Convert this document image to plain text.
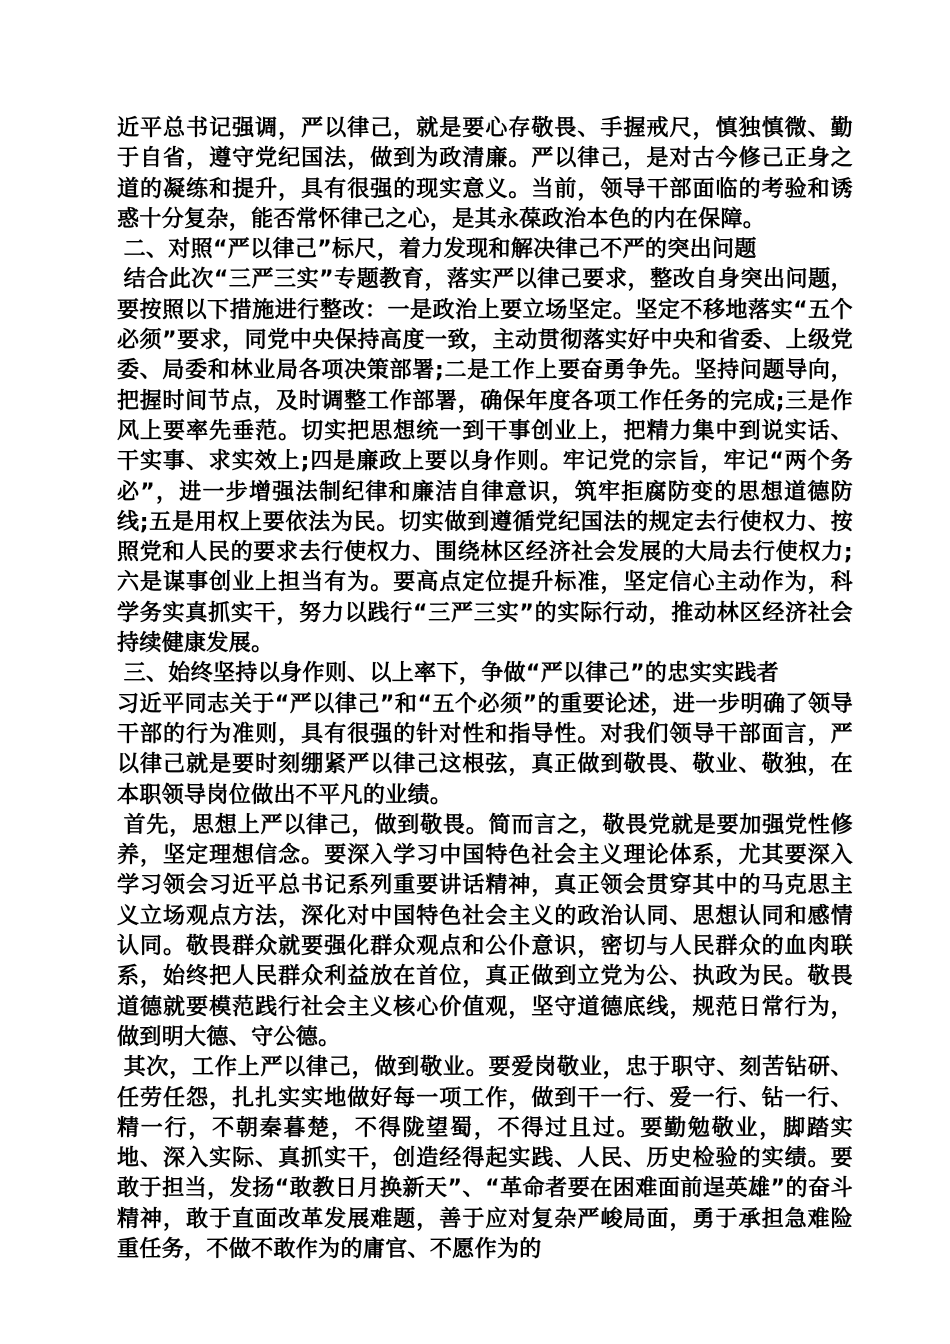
近平总书记强调，严以律己，就是要心存敬畏、手握戒尺，慎独慎微、勤于自省，遵守党纪国法，做到为政清廉。严以律己，是对古今修己正身之道的凝练和提升，具有很强的现实意义。当前，领导干部面临的考验和诱惑十分复杂，能否常怀律己之心，是其永葆政治本色的内在保障。

二、对照“严以律己”标尺，着力发现和解决律己不严的突出问题

结合此次“三严三实”专题教育，落实严以律己要求，整改自身突出问题，要按照以下措施进行整改：一是政治上要立场坚定。坚定不移地落实“五个必须”要求，同党中央保持高度一致，主动贯彻落实好中央和省委、上级党委、局委和林业局各项决策部署;二是工作上要奋勇争先。坚持问题导向，把握时间节点，及时调整工作部署，确保年度各项工作任务的完成;三是作风上要率先垂范。切实把思想统一到干事创业上，把精力集中到说实话、干实事、求实效上;四是廉政上要以身作则。牢记党的宗旨，牢记“两个务必”，进一步增强法制纪律和廉洁自律意识，筑牢拒腐防变的思想道德防线;五是用权上要依法为民。切实做到遵循党纪国法的规定去行使权力、按照党和人民的要求去行使权力、围绕林区经济社会发展的大局去行使权力;六是谋事创业上担当有为。要高点定位提升标准，坚定信心主动作为，科学务实真抓实干，努力以践行“三严三实”的实际行动，推动林区经济社会持续健康发展。

三、始终坚持以身作则、以上率下，争做“严以律己”的忠实实践者

习近平同志关于“严以律己”和“五个必须”的重要论述，进一步明确了领导干部的行为准则，具有很强的针对性和指导性。对我们领导干部面言，严以律己就是要时刻绷紧严以律己这根弦，真正做到敬畏、敬业、敬独，在本职领导岗位做出不平凡的业绩。

首先，思想上严以律己，做到敬畏。简而言之，敬畏党就是要加强党性修养，坚定理想信念。要深入学习中国特色社会主义理论体系，尤其要深入学习领会习近平总书记系列重要讲话精神，真正领会贯穿其中的马克思主义立场观点方法，深化对中国特色社会主义的政治认同、思想认同和感情认同。敬畏群众就要强化群众观点和公仆意识，密切与人民群众的血肉联系，始终把人民群众利益放在首位，真正做到立党为公、执政为民。敬畏道德就要模范践行社会主义核心价值观，坚守道德底线，规范日常行为，做到明大德、守公德。

其次，工作上严以律己，做到敬业。要爱岗敬业，忠于职守、刻苦钻研、任劳任怨，扎扎实实地做好每一项工作，做到干一行、爱一行、钻一行、精一行，不朝秦暮楚，不得陇望蜀，不得过且过。要勤勉敬业，脚踏实地、深入实际、真抓实干，创造经得起实践、人民、历史检验的实绩。要敢于担当，发扬“敢教日月换新天”、“革命者要在困难面前逞英雄”的奋斗精神，敢于直面改革发展难题，善于应对复杂严峻局面，勇于承担急难险重任务，不做不敢作为的庸官、不愿作为的
